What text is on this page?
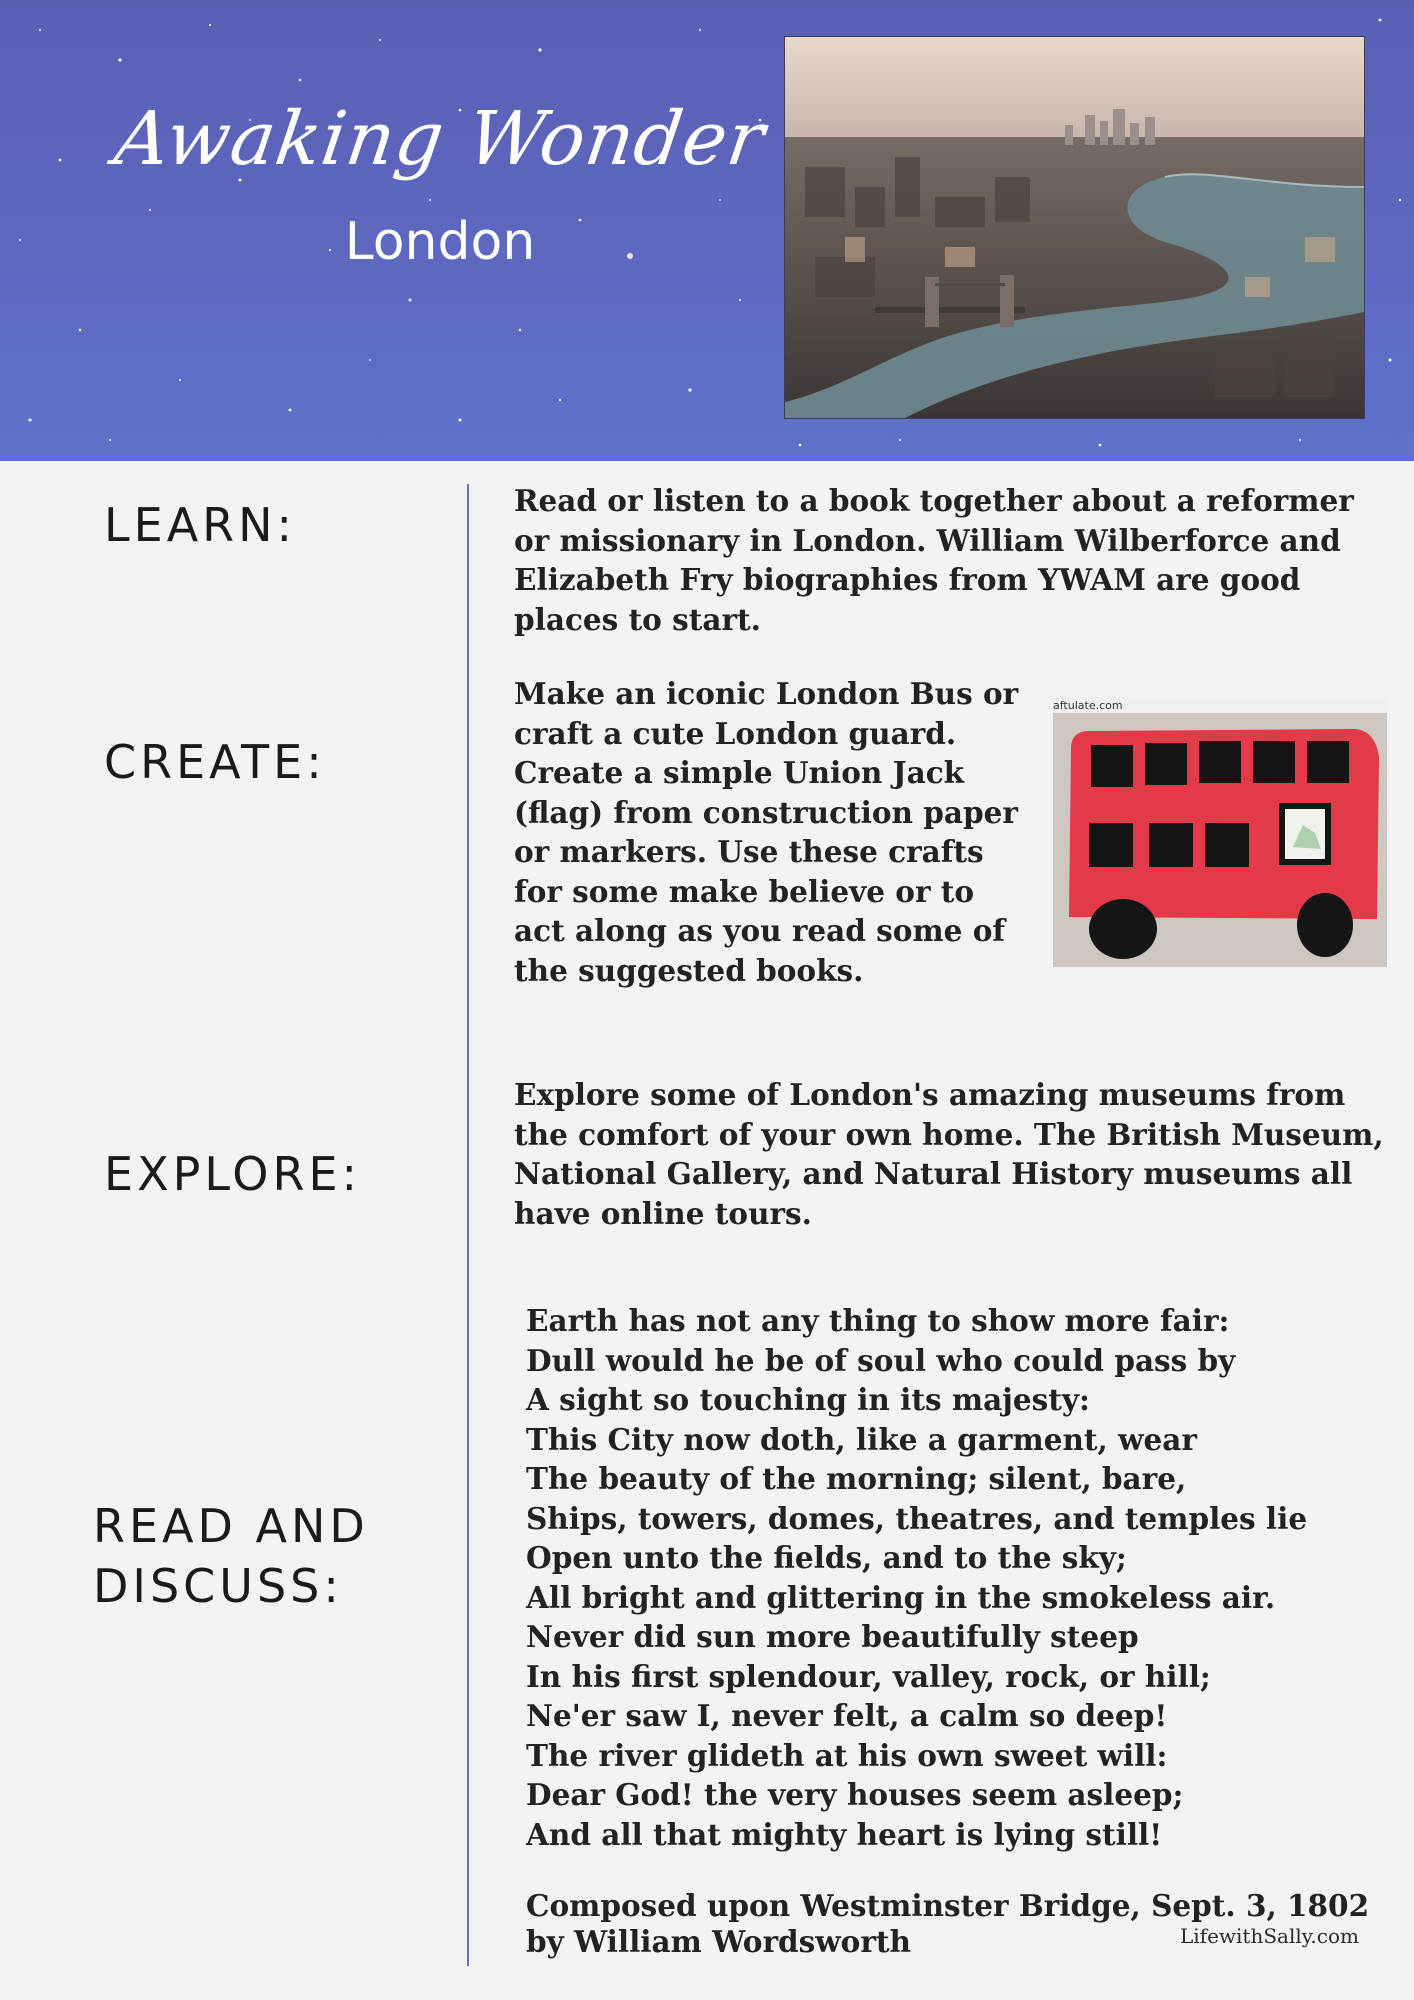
Awaking Wonder
London
LEARN:	Read or listen to a book together about a reformer or missionary in London. William Wilberforce and Elizabeth Fry biographies from YWAM are good places to start.

CREATE:

Make an iconic London Bus or craft a cute London guard. Create a simple Union Jack (flag) from construction paper or markers. Use these crafts for some make believe or to act along as you read some of the suggested books.

aftulate.com
EXPLORE:

Explore some of London's amazing museums from the comfort of your own home. The British Museum, National Gallery, and Natural History museums all have online tours.

READ AND
DISCUSS:
Earth has not any thing to show more fair:
Dull would he be of soul who could pass by
A sight so touching in its majesty:
This City now doth, like a garment, wear
The beauty of the morning; silent, bare,
Ships, towers, domes, theatres, and temples lie
Open unto the fields, and to the sky;
All bright and glittering in the smokeless air.
Never did sun more beautifully steep
In his first splendour, valley, rock, or hill;
Ne'er saw I, never felt, a calm so deep!
The river glideth at his own sweet will:
Dear God! the very houses seem asleep;
And all that mighty heart is lying still!
Composed upon Westminster Bridge, Sept. 3, 1802
by William Wordsworth	LifewithSally.com
